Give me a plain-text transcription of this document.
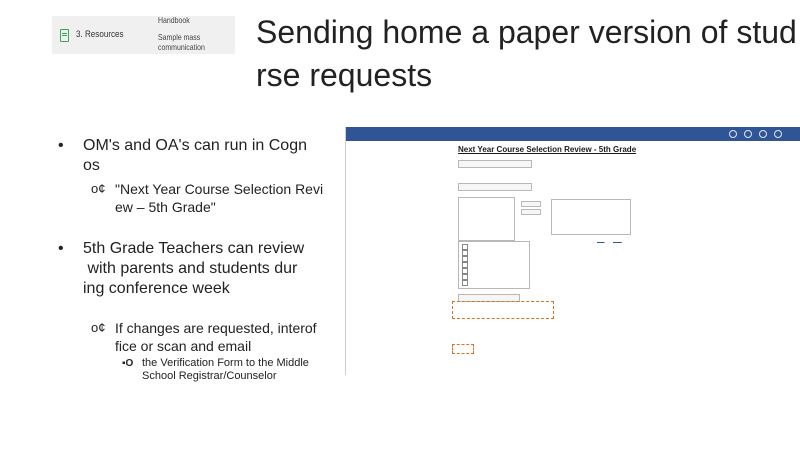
3. Resources
Handbook
Sample mass
communication Sending home a paper version of stud
rse requests
•	OM's and OA's can run in Cogn
os
o¢ "Next Year Course Selection Revi
ew – 5th Grade"
•	5th Grade Teachers can review
with parents and students dur
ing conference week
o¢ If changes are requested, interof
fice or scan and email
▪O the Verification Form to the Middle
School Registrar/Counselor
Next Year Course Selection Review - 5th Grade
